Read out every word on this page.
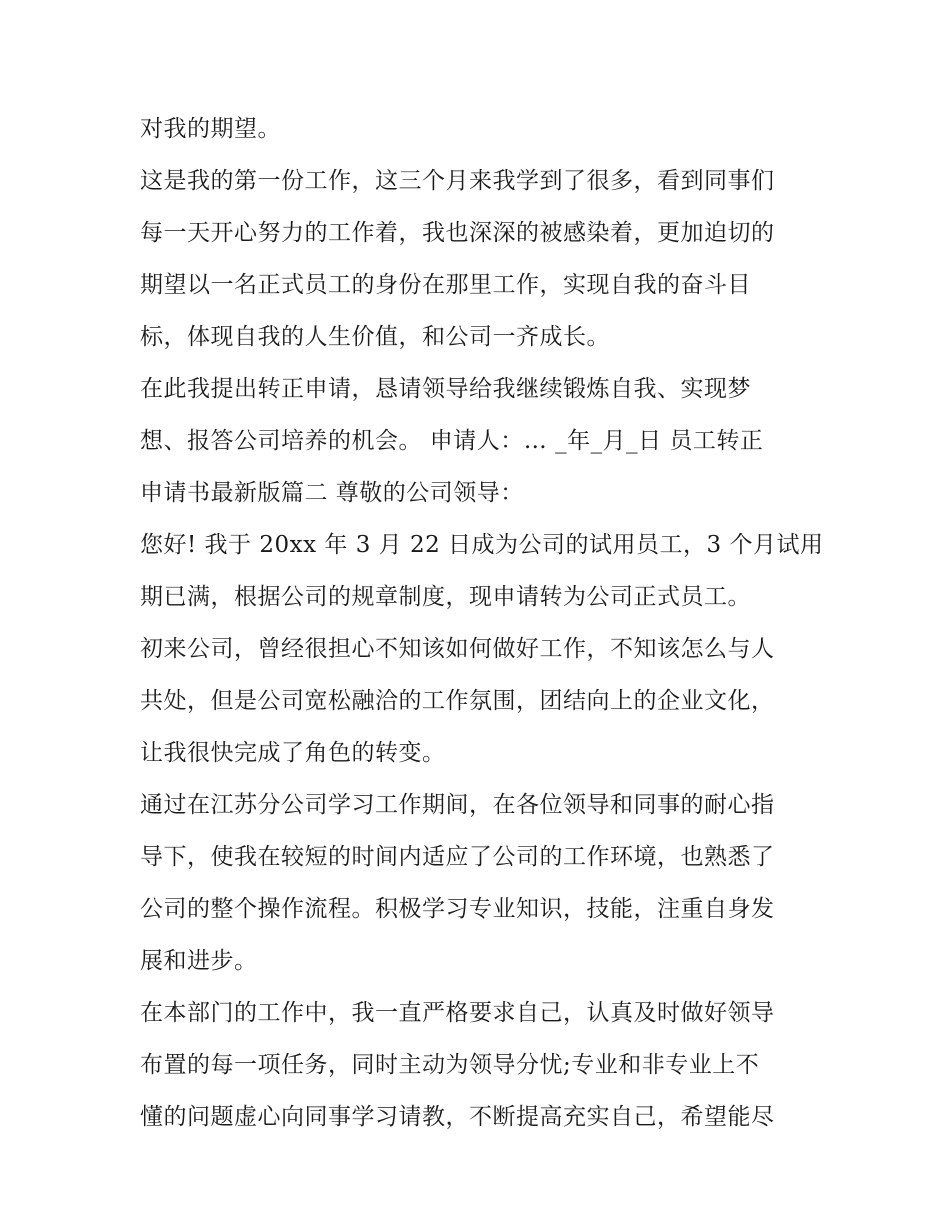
对我的期望。
这是我的第一份工作，这三个月来我学到了很多，看到同事们
每一天开心努力的工作着，我也深深的被感染着，更加迫切的
期望以一名正式员工的身份在那里工作，实现自我的奋斗目
标，体现自我的人生价值，和公司一齐成长。
在此我提出转正申请，恳请领导给我继续锻炼自我、实现梦
想、报答公司培养的机会。 申请人：… _年_月_日 员工转正
申请书最新版篇二 尊敬的公司领导：
您好! 我于 20xx 年 3 月 22 日成为公司的试用员工，3 个月试用
期已满，根据公司的规章制度，现申请转为公司正式员工。
初来公司，曾经很担心不知该如何做好工作，不知该怎么与人
共处，但是公司宽松融洽的工作氛围，团结向上的企业文化，
让我很快完成了角色的转变。
通过在江苏分公司学习工作期间，在各位领导和同事的耐心指
导下，使我在较短的时间内适应了公司的工作环境，也熟悉了
公司的整个操作流程。积极学习专业知识，技能，注重自身发
展和进步。
在本部门的工作中，我一直严格要求自己，认真及时做好领导
布置的每一项任务，同时主动为领导分忧;专业和非专业上不
懂的问题虚心向同事学习请教，不断提高充实自己，希望能尽
